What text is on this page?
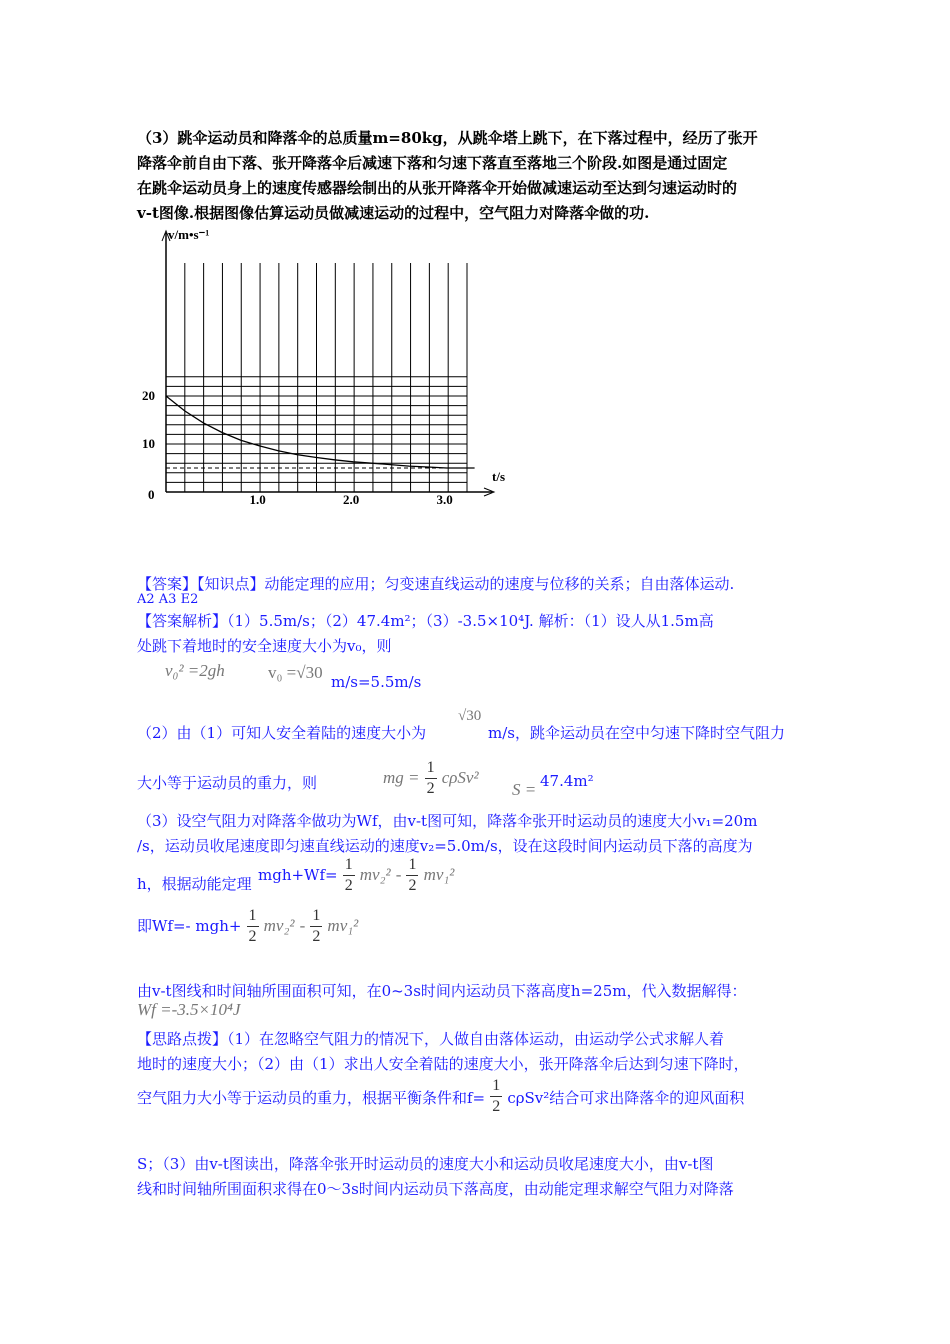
（3）跳伞运动员和降落伞的总质量m=80kg，从跳伞塔上跳下，在下落过程中，经历了张开
降落伞前自由下落、张开降落伞后减速下落和匀速下落直至落地三个阶段.如图是通过固定
在跳伞运动员身上的速度传感器绘制出的从张开降落伞开始做减速运动至达到匀速运动时的
v-t图像.根据图像估算运动员做减速运动的过程中，空气阻力对降落伞做的功.
v/m•s⁻¹
t/s
0
20
10
1.0	2.0	3.0
【答案】【知识点】动能定理的应用；匀变速直线运动的速度与位移的关系；自由落体运动.
A2 A3 E2
【答案解析】（1）5.5m/s；（2）47.4m²；（3）-3.5×10⁴J. 解析：（1）设人从1.5m高
处跳下着地时的安全速度大小为v₀，则
v₀² =2gh	v₀ =√30 m/s=5.5m/s
（2）由（1）可知人安全着陆的速度大小为
√30
m/s，跳伞运动员在空中匀速下降时空气阻力
大小等于运动员的重力，则	mg = $\frac{1}{2} c\rho Sv^2$
S = 47.4m²
（3）设空气阻力对降落伞做功为Wf，由v-t图可知，降落伞张开时运动员的速度大小v₁=20m
/s，运动员收尾速度即匀速直线运动的速度v₂=5.0m/s，设在这段时间内运动员下落的高度为
h，根据动能定理 $mgh+Wf= \frac{1}{2} mv_2^2 - \frac{1}{2} mv_1^2$
即Wf=- $mgh+ \frac{1}{2} mv_2^2 - \frac{1}{2} mv_1^2$
由v-t图线和时间轴所围面积可知，在0~3s时间内运动员下落高度h=25m，代入数据解得：
Wf =-3.5×10⁴J
【思路点拨】（1）在忽略空气阻力的情况下，人做自由落体运动，由运动学公式求解人着
地时的速度大小；（2）由（1）求出人安全着陆的速度大小，张开降落伞后达到匀速下降时，
空气阻力大小等于运动员的重力，根据平衡条件和$f= \frac{1}{2} c\rho Sv^2$结合可求出降落伞的迎风面积
S；（3）由v-t图读出，降落伞张开时运动员的速度大小和运动员收尾速度大小，由v-t图
线和时间轴所围面积求得在0～3s时间内运动员下落高度，由动能定理求解空气阻力对降落
